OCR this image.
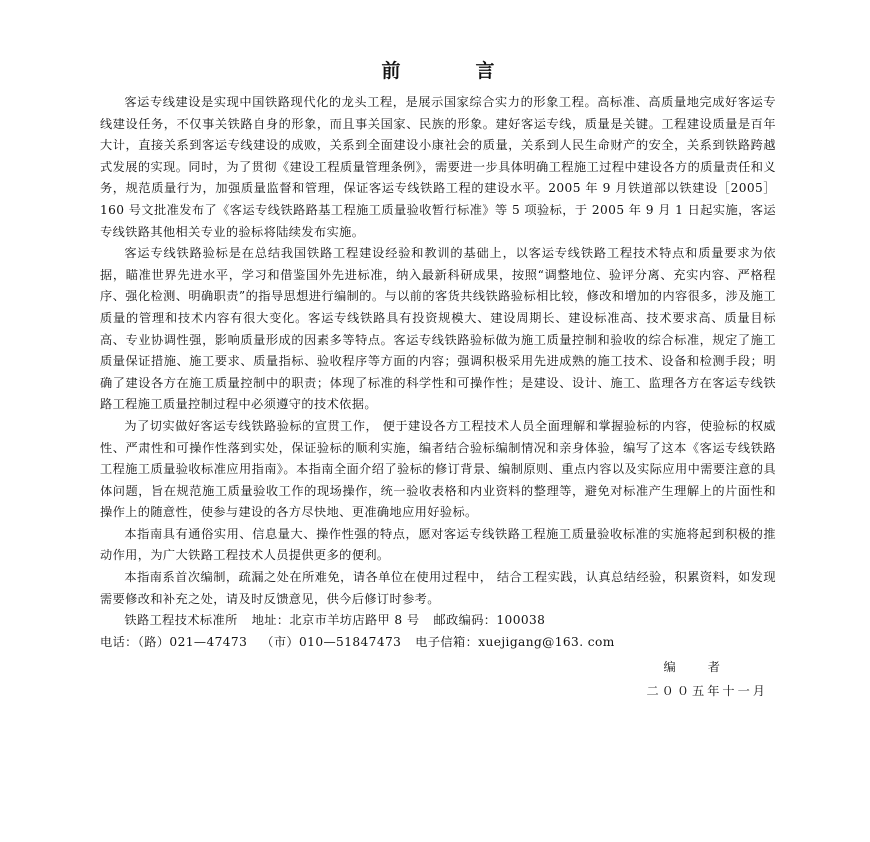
前　言

客运专线建设是实现中国铁路现代化的龙头工程，是展示国家综合实力的形象工程。高标准、高质量地完成好客运专线建设任务，不仅事关铁路自身的形象，而且事关国家、民族的形象。建好客运专线，质量是关键。工程建设质量是百年大计，直接关系到客运专线建设的成败，关系到全面建设小康社会的质量，关系到人民生命财产的安全，关系到铁路跨越式发展的实现。同时，为了贯彻《建设工程质量管理条例》，需要进一步具体明确工程施工过程中建设各方的质量责任和义务，规范质量行为，加强质量监督和管理，保证客运专线铁路工程的建设水平。2005 年 9 月铁道部以铁建设［2005］160 号文批准发布了《客运专线铁路路基工程施工质量验收暂行标准》等 5 项验标，于 2005 年 9 月 1 日起实施，客运专线铁路其他相关专业的验标将陆续发布实施。

客运专线铁路验标是在总结我国铁路工程建设经验和教训的基础上，以客运专线铁路工程技术特点和质量要求为依据，瞄准世界先进水平，学习和借鉴国外先进标准，纳入最新科研成果，按照“调整地位、验评分离、充实内容、严格程序、强化检测、明确职责”的指导思想进行编制的。与以前的客货共线铁路验标相比较，修改和增加的内容很多，涉及施工质量的管理和技术内容有很大变化。客运专线铁路具有投资规模大、建设周期长、建设标准高、技术要求高、质量目标高、专业协调性强，影响质量形成的因素多等特点。客运专线铁路验标做为施工质量控制和验收的综合标准，规定了施工质量保证措施、施工要求、质量指标、验收程序等方面的内容；强调积极采用先进成熟的施工技术、设备和检测手段；明确了建设各方在施工质量控制中的职责；体现了标准的科学性和可操作性；是建设、设计、施工、监理各方在客运专线铁路工程施工质量控制过程中必须遵守的技术依据。

为了切实做好客运专线铁路验标的宣贯工作， 便于建设各方工程技术人员全面理解和掌握验标的内容，使验标的权威性、严肃性和可操作性落到实处，保证验标的顺利实施，编者结合验标编制情况和亲身体验，编写了这本《客运专线铁路工程施工质量验收标准应用指南》。本指南全面介绍了验标的修订背景、编制原则、重点内容以及实际应用中需要注意的具体问题，旨在规范施工质量验收工作的现场操作，统一验收表格和内业资料的整理等，避免对标准产生理解上的片面性和操作上的随意性，使参与建设的各方尽快地、更准确地应用好验标。

本指南具有通俗实用、信息量大、操作性强的特点，愿对客运专线铁路工程施工质量验收标准的实施将起到积极的推动作用，为广大铁路工程技术人员提供更多的便利。

本指南系首次编制，疏漏之处在所难免，请各单位在使用过程中， 结合工程实践，认真总结经验，积累资料，如发现需要修改和补充之处，请及时反馈意见，供今后修订时参考。

铁路工程技术标准所 地址：北京市羊坊店路甲 8 号 邮政编码：100038

电话：（路）021—47473 （市）010—51847473 电子信箱：xuejigang@163. com

编　者

二００五年十一月
